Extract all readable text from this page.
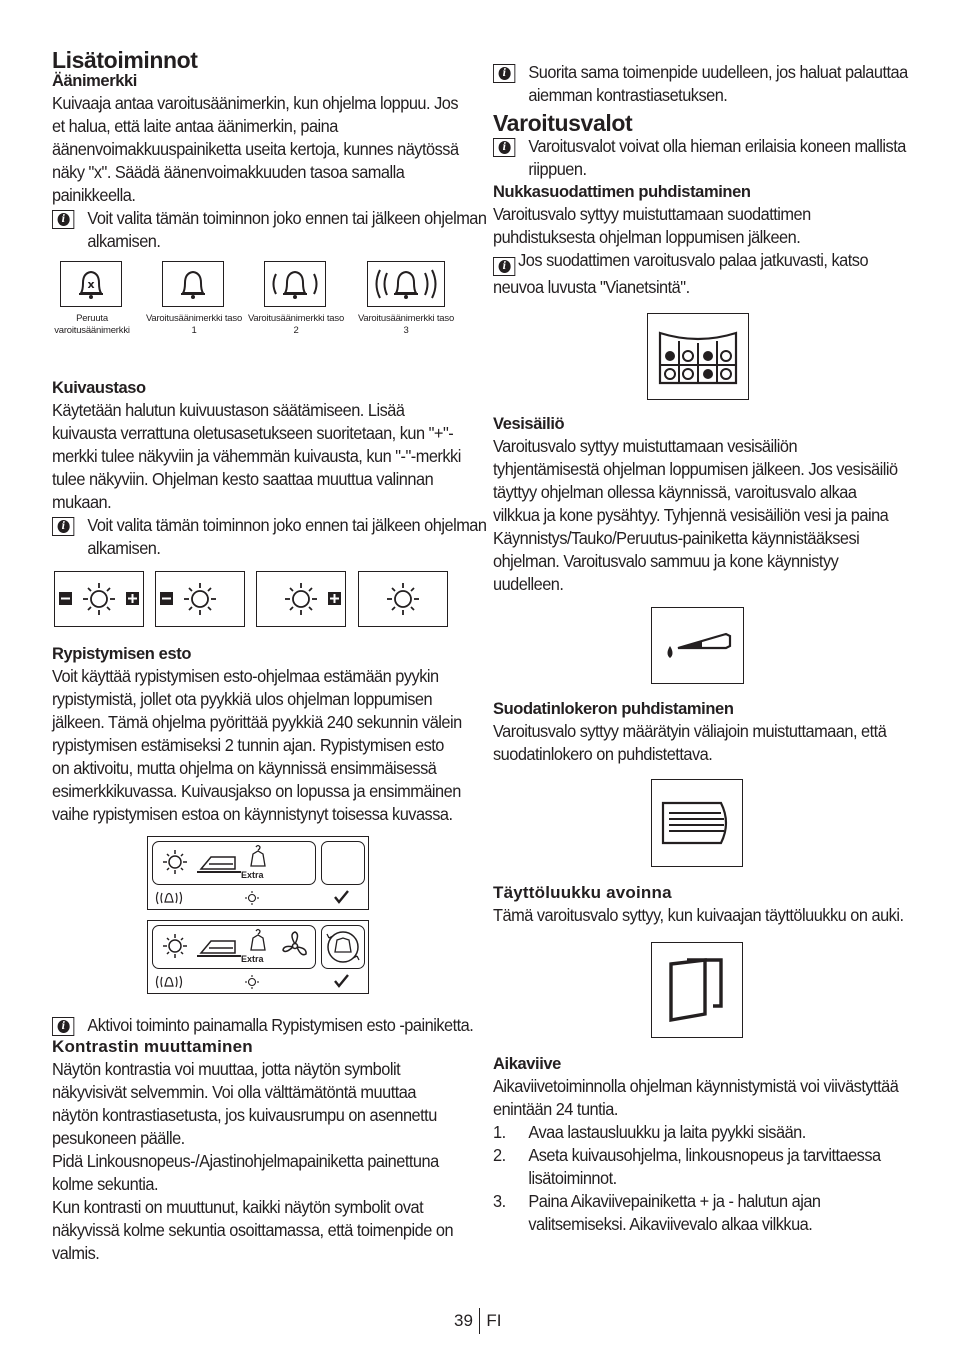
Lisätoiminnot
Äänimerkki

Kuivaaja antaa varoitusäänimerkin, kun ohjelma loppuu. Jos et halua, että laite antaa äänimerkin, paina äänenvoimakkuuspainiketta useita kertoja, kunnes näytössä näky "x". Säädä äänenvoimakkuuden tasoa samalla painikkeella.

i Voit valita tämän toiminnon joko ennen tai jälkeen ohjelman alkamisen.
x
Peruuta varoitusäänimerkki
Varoitusäänimerkki taso 1
Varoitusäänimerkki taso 2
Varoitusäänimerkki taso 3
Kuivaustaso

Käytetään halutun kuivuustason säätämiseen. Lisää kuivausta verrattuna oletusasetukseen suoritetaan, kun "+"-merkki tulee näkyviin ja vähemmän kuivausta, kun "-"-merkki tulee näkyviin. Ohjelman kesto saattaa muuttua valinnan mukaan.

i Voit valita tämän toiminnon joko ennen tai jälkeen ohjelman alkamisen.
Rypistymisen esto

Voit käyttää rypistymisen esto-ohjelmaa estämään pyykin rypistymistä, jollet ota pyykkiä ulos ohjelman loppumisen jälkeen. Tämä ohjelma pyörittää pyykkiä 240 sekunnin välein rypistymisen estämiseksi 2 tunnin ajan. Rypistymisen esto on aktivoitu, mutta ohjelma on käynnissä ensimmäisessä esimerkkikuvassa. Kuivausjakso on lopussa ja ensimmäinen vaihe rypistymisen estoa on käynnistynyt toisessa kuvassa.

Extra
Extra
i Aktivoi toiminto painamalla Rypistymisen esto -painiketta.
Kontrastin muuttaminen

Näytön kontrastia voi muuttaa, jotta näytön symbolit näkyvisivät selvemmin. Voi olla välttämätöntä muuttaa näytön kontrastiasetusta, jos kuivausrumpu on asennettu pesukoneen päälle.

Pidä Linkousnopeus-/Ajastinohjelmapainiketta painettuna kolme sekuntia.

Kun kontrasti on muuttunut, kaikki näytön symbolit ovat näkyvissä kolme sekuntia osoittamassa, että toimenpide on valmis.

i Suorita sama toimenpide uudelleen, jos haluat palauttaa aiemman kontrastiasetuksen.
Varoitusvalot
i Varoitusvalot voivat olla hieman erilaisia koneen mallista riippuen.
Nukkasuodattimen puhdistaminen

Varoitusvalo syttyy muistuttamaan suodattimen puhdistuksesta ohjelman loppumisen jälkeen.

i Jos suodattimen varoitusvalo palaa jatkuvasti, katso neuvoa luvusta "Vianetsintä".
Vesisäiliö

Varoitusvalo syttyy muistuttamaan vesisäiliön tyhjentämisestä ohjelman loppumisen jälkeen. Jos vesisäiliö täyttyy ohjelman ollessa käynnissä, varoitusvalo alkaa vilkkua ja kone pysähtyy. Tyhjennä vesisäiliön vesi ja paina Käynnistys/Tauko/Peruutus-painiketta käynnistääksesi ohjelman. Varoitusvalo sammuu ja kone käynnistyy uudelleen.

Suodatinlokeron puhdistaminen

Varoitusvalo syttyy määrätyin väliajoin muistuttamaan, että suodatinlokero on puhdistettava.

Täyttöluukku avoinna

Tämä varoitusvalo syttyy, kun kuivaajan täyttöluukku on auki.

Aikaviive

Aikaviivetoiminnolla ohjelman käynnistymistä voi viivästyttää enintään 24 tuntia.

1. Avaa lastausluukku ja laita pyykki sisään.
2. Aseta kuivausohjelma, linkousnopeus ja tarvittaessa lisätoiminnot.
3. Paina Aikaviivepainiketta + ja - halutun ajan valitsemiseksi. Aikaviivevalo alkaa vilkkua.
39 FI
